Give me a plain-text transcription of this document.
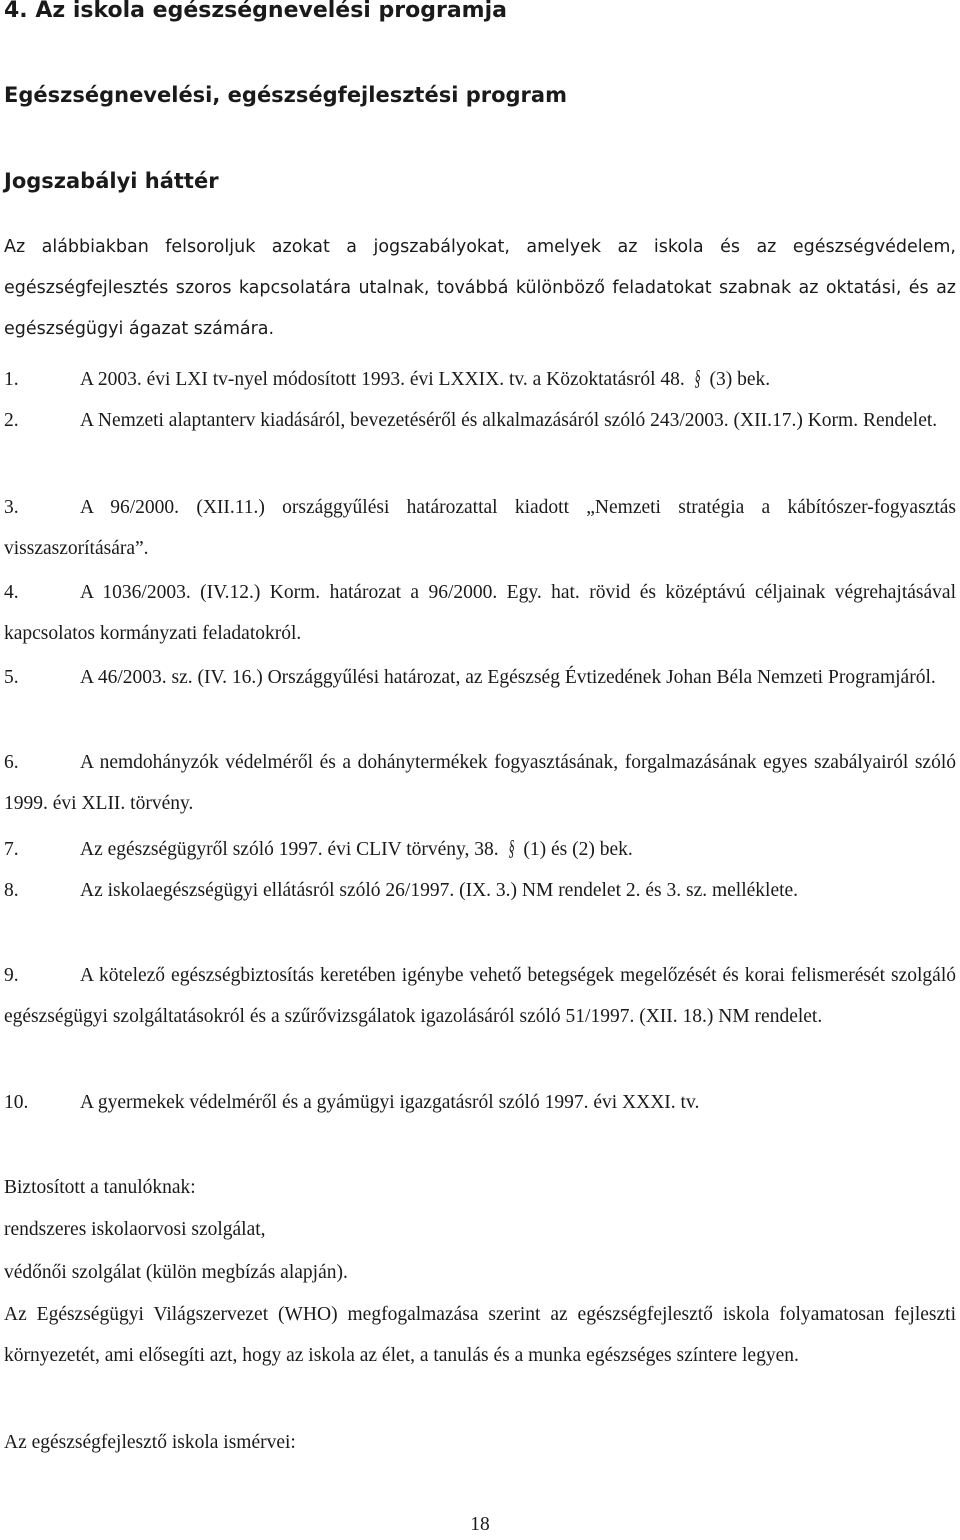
4. Az iskola egészségnevelési programja
Egészségnevelési, egészségfejlesztési program
Jogszabályi háttér

Az alábbiakban felsoroljuk azokat a jogszabályokat, amelyek az iskola és az egészségvédelem, egészségfejlesztés szoros kapcsolatára utalnak, továbbá különböző feladatokat szabnak az oktatási, és az egészségügyi ágazat számára.

1.	A 2003. évi LXI tv-nyel módosított 1993. évi LXXIX. tv. a Közoktatásról 48. § (3) bek.
2.	A Nemzeti alaptanterv kiadásáról, bevezetéséről és alkalmazásáról szóló 243/2003. (XII.17.) Korm. Rendelet.
3.	A 96/2000. (XII.11.) országgyűlési határozattal kiadott „Nemzeti stratégia a kábítószer-fogyasztás visszaszorítására”.
4.	A 1036/2003. (IV.12.) Korm. határozat a 96/2000. Egy. hat. rövid és középtávú céljainak végrehajtásával kapcsolatos kormányzati feladatokról.
5.	A 46/2003. sz. (IV. 16.) Országgyűlési határozat, az Egészség Évtizedének Johan Béla Nemzeti Programjáról.
6.	A nemdohányzók védelméről és a dohánytermékek fogyasztásának, forgalmazásának egyes szabályairól szóló 1999. évi XLII. törvény.
7.	Az egészségügyről szóló 1997. évi CLIV törvény, 38. § (1) és (2) bek.
8.	Az iskolaegészségügyi ellátásról szóló 26/1997. (IX. 3.) NM rendelet 2. és 3. sz. melléklete.
9.	A kötelező egészségbiztosítás keretében igénybe vehető betegségek megelőzését és korai felismerését szolgáló egészségügyi szolgáltatásokról és a szűrővizsgálatok igazolásáról szóló 51/1997. (XII. 18.) NM rendelet.
10.	A gyermekek védelméről és a gyámügyi igazgatásról szóló 1997. évi XXXI. tv.

Biztosított a tanulóknak:

rendszeres iskolaorvosi szolgálat,

védőnői szolgálat (külön megbízás alapján).

Az Egészségügyi Világszervezet (WHO) megfogalmazása szerint az egészségfejlesztő iskola folyamatosan fejleszti környezetét, ami elősegíti azt, hogy az iskola az élet, a tanulás és a munka egészséges színtere legyen.

Az egészségfejlesztő iskola ismérvei:

18
